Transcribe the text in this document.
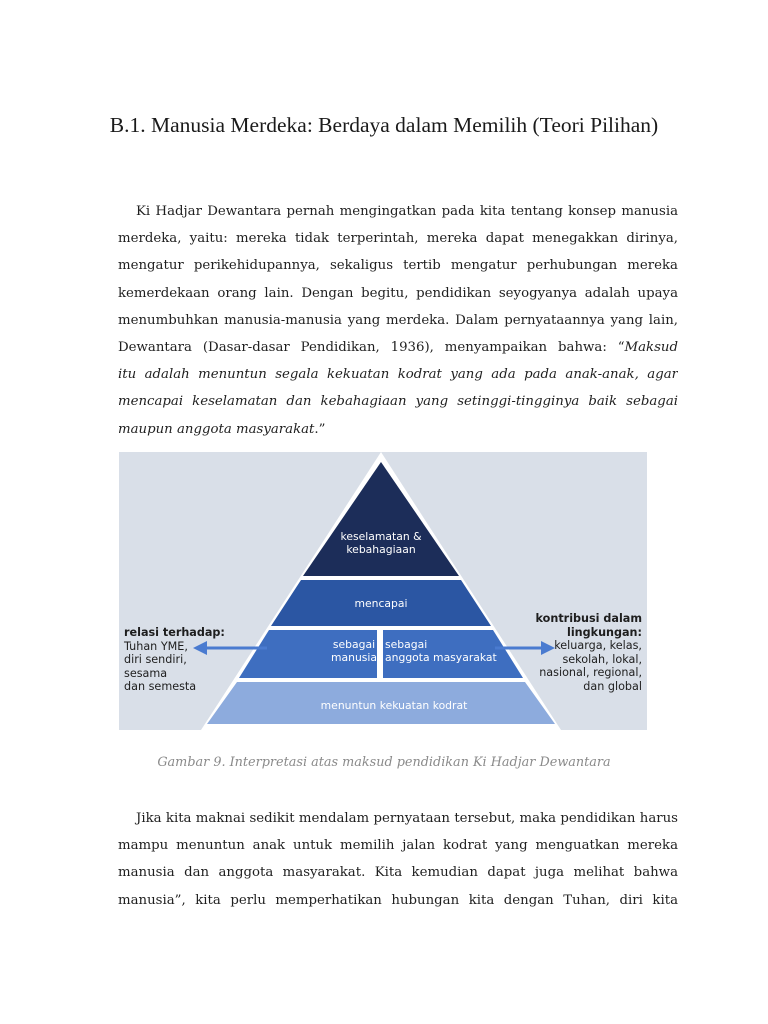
B.1. Manusia Merdeka: Berdaya dalam Memilih (Teori Pilihan)
Ki Hadjar Dewantara pernah mengingatkan pada kita tentang konsep manusia
merdeka, yaitu: mereka tidak terperintah, mereka dapat menegakkan dirinya,
mengatur perikehidupannya, sekaligus tertib mengatur perhubungan mereka
kemerdekaan orang lain. Dengan begitu, pendidikan seyogyanya adalah upaya
menumbuhkan manusia-manusia yang merdeka. Dalam pernyataannya yang lain,
Dewantara (Dasar-dasar Pendidikan, 1936), menyampaikan bahwa: “Maksud
itu adalah menuntun segala kekuatan kodrat yang ada pada anak-anak, agar
mencapai keselamatan dan kebahagiaan yang setinggi-tingginya baik sebagai
maupun anggota masyarakat.”
keselamatan &
kebahagiaan
mencapai
sebagai
manusia
sebagai
anggota masyarakat
menuntun kekuatan kodrat
relasi terhadap:
Tuhan YME,
diri sendiri,
sesama
dan semesta
kontribusi dalam
lingkungan:
keluarga, kelas,
sekolah, lokal,
nasional, regional,
dan global
Gambar 9. Interpretasi atas maksud pendidikan Ki Hadjar Dewantara
Jika kita maknai sedikit mendalam pernyataan tersebut, maka pendidikan harus
mampu menuntun anak untuk memilih jalan kodrat yang menguatkan mereka
manusia dan anggota masyarakat. Kita kemudian dapat juga melihat bahwa
manusia”, kita perlu memperhatikan hubungan kita dengan Tuhan, diri kita
